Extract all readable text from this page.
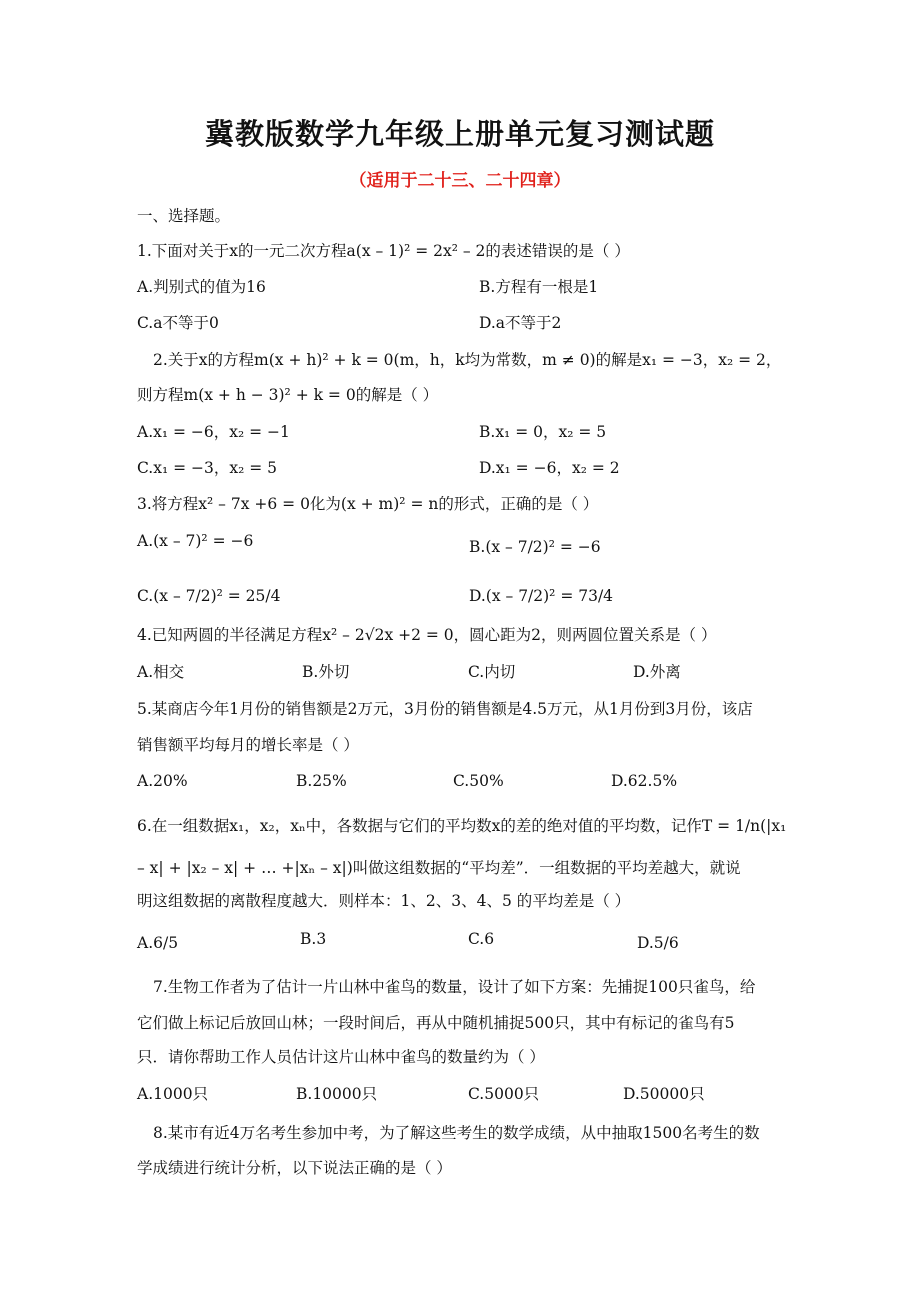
冀教版数学九年级上册单元复习测试题
（适用于二十三、二十四章）
一、选择题。
1.下面对关于x的一元二次方程a(x – 1)² = 2x² – 2的表述错误的是（ ）
A.判别式的值为16	B.方程有一根是1
C.a不等于0	D.a不等于2
2.关于x的方程m(x + h)² + k = 0(m，h，k均为常数，m ≠ 0)的解是x₁ = −3，x₂ = 2，
则方程m(x + h − 3)² + k = 0的解是（ ）
A.x₁ = −6，x₂ = −1	B.x₁ = 0，x₂ = 5
C.x₁ = −3，x₂ = 5	D.x₁ = −6，x₂ = 2
3.将方程x² – 7x +6 = 0化为(x + m)² = n的形式，正确的是（ ）
A.(x – 7)² = −6	B.(x – 7/2)² = −6
C.(x – 7/2)² = 25/4	D.(x – 7/2)² = 73/4
4.已知两圆的半径满足方程x² – 2√2x +2 = 0，圆心距为2，则两圆位置关系是（ ）
A.相交	B.外切	C.内切	D.外离
5.某商店今年1月份的销售额是2万元，3月份的销售额是4.5万元，从1月份到3月份，该店
销售额平均每月的增长率是（ ）
A.20%	B.25%	C.50%	D.62.5%
6.在一组数据x₁，x₂，xₙ中，各数据与它们的平均数x的差的绝对值的平均数，记作T = 1/n(|x₁
– x| + |x₂ – x| + … +|xₙ – x|)叫做这组数据的“平均差”．一组数据的平均差越大，就说
明这组数据的离散程度越大．则样本：1、2、3、4、5 的平均差是（ ）
A.6/5	B.3	C.6	D.5/6
7.生物工作者为了估计一片山林中雀鸟的数量，设计了如下方案：先捕捉100只雀鸟，给
它们做上标记后放回山林；一段时间后，再从中随机捕捉500只，其中有标记的雀鸟有5
只．请你帮助工作人员估计这片山林中雀鸟的数量约为（ ）
A.1000只	B.10000只	C.5000只	D.50000只
8.某市有近4万名考生参加中考，为了解这些考生的数学成绩，从中抽取1500名考生的数
学成绩进行统计分析，以下说法正确的是（ ）
